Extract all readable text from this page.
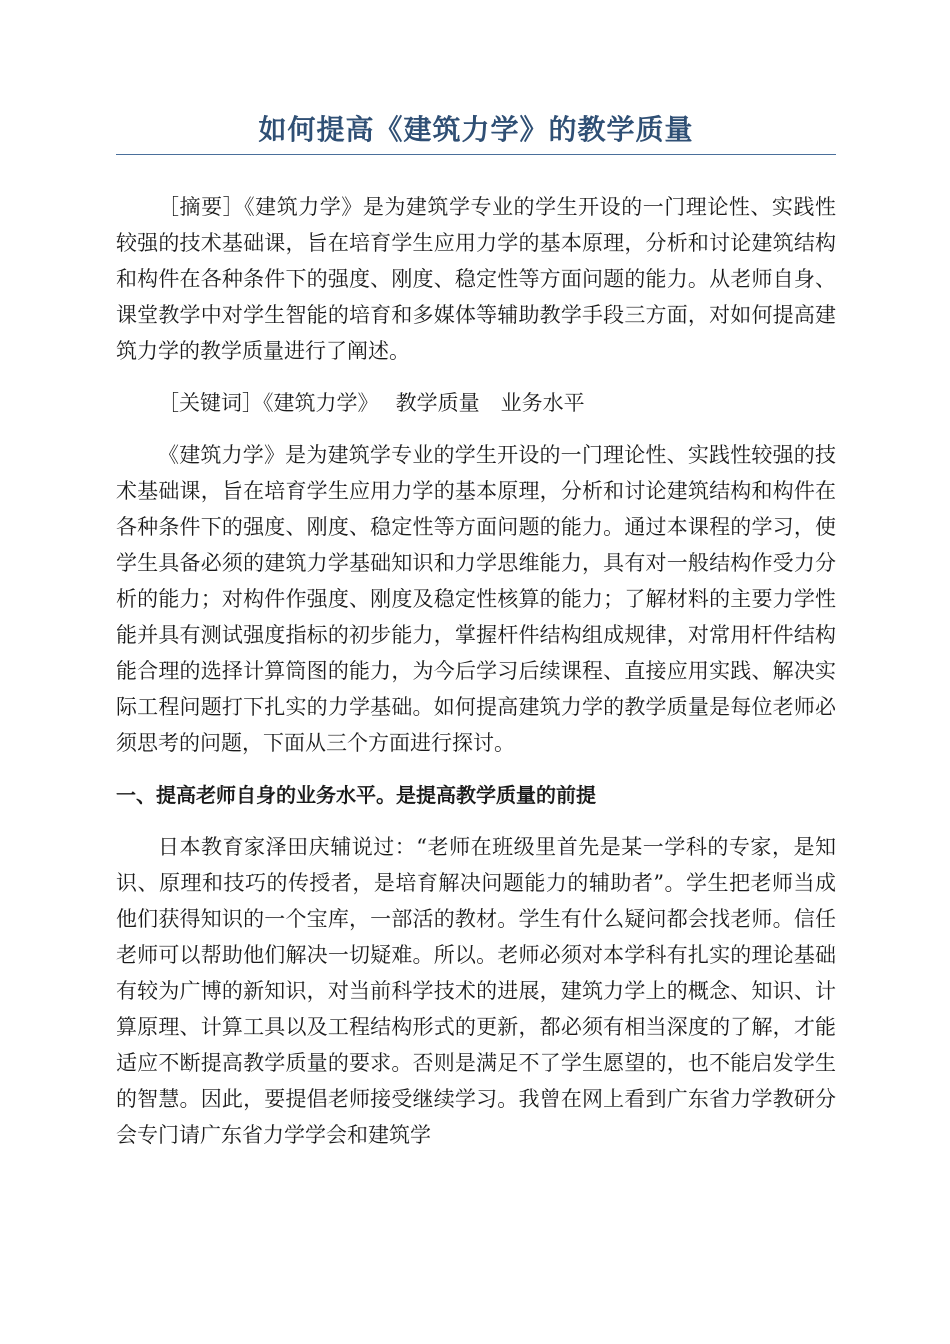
如何提高《建筑力学》的教学质量

［摘要］《建筑力学》是为建筑学专业的学生开设的一门理论性、实践性较强的技术基础课，旨在培育学生应用力学的基本原理，分析和讨论建筑结构和构件在各种条件下的强度、刚度、稳定性等方面问题的能力。从老师自身、课堂教学中对学生智能的培育和多媒体等辅助教学手段三方面，对如何提高建筑力学的教学质量进行了阐述。

［关键词］《建筑力学》　 教学质量　业务水平

《建筑力学》是为建筑学专业的学生开设的一门理论性、实践性较强的技术基础课，旨在培育学生应用力学的基本原理，分析和讨论建筑结构和构件在各种条件下的强度、刚度、稳定性等方面问题的能力。通过本课程的学习，使学生具备必须的建筑力学基础知识和力学思维能力，具有对一般结构作受力分析的能力；对构件作强度、刚度及稳定性核算的能力；了解材料的主要力学性能并具有测试强度指标的初步能力，掌握杆件结构组成规律，对常用杆件结构能合理的选择计算筒图的能力，为今后学习后续课程、直接应用实践、解决实际工程问题打下扎实的力学基础。如何提高建筑力学的教学质量是每位老师必须思考的问题，下面从三个方面进行探讨。

一、提高老师自身的业务水平。是提高教学质量的前提

日本教育家泽田庆辅说过：“老师在班级里首先是某一学科的专家，是知识、原理和技巧的传授者，是培育解决问题能力的辅助者”。学生把老师当成他们获得知识的一个宝库，一部活的教材。学生有什么疑问都会找老师。信任老师可以帮助他们解决一切疑难。所以。老师必须对本学科有扎实的理论基础有较为广博的新知识，对当前科学技术的进展，建筑力学上的概念、知识、计算原理、计算工具以及工程结构形式的更新，都必须有相当深度的了解，才能适应不断提高教学质量的要求。否则是满足不了学生愿望的，也不能启发学生的智慧。因此，要提倡老师接受继续学习。我曾在网上看到广东省力学教研分会专门请广东省力学学会和建筑学
